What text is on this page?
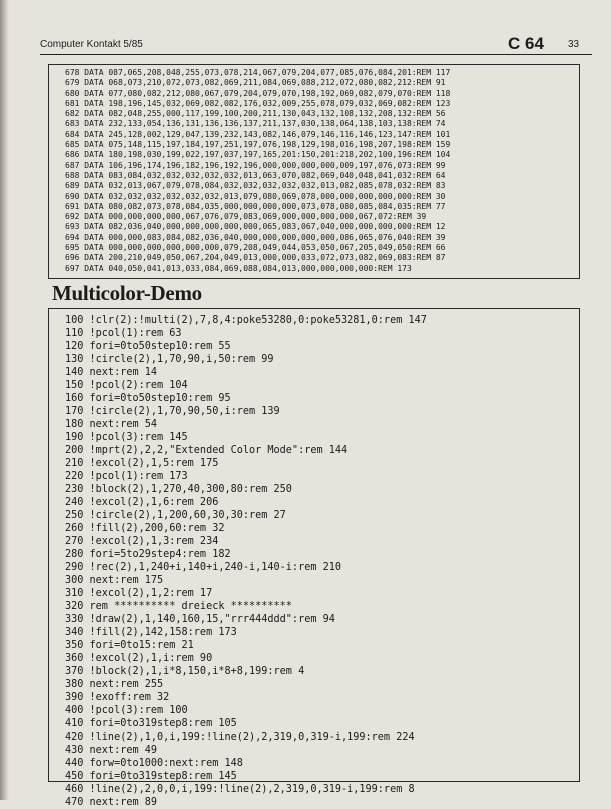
Computer Kontakt 5/85	C 64 33
678 DATA 087,065,208,048,255,073,078,214,067,079,204,077,085,076,084,201:REM 117
679 DATA 068,073,210,072,073,082,069,211,084,069,088,212,072,080,082,212:REM 91
680 DATA 077,080,082,212,080,067,079,204,079,070,198,192,069,082,079,070:REM 118
681 DATA 198,196,145,032,069,082,082,176,032,009,255,078,079,032,069,082:REM 123
682 DATA 082,048,255,000,117,199,100,200,211,130,043,132,108,132,208,132:REM 56
683 DATA 232,133,054,136,131,136,136,137,211,137,030,138,064,138,103,138:REM 74
684 DATA 245,128,002,129,047,139,232,143,082,146,079,146,116,146,123,147:REM 101
685 DATA 075,148,115,197,184,197,251,197,076,198,129,198,016,198,207,198:REM 159
686 DATA 180,198,030,199,022,197,037,197,165,201:150,201:218,202,100,196:REM 104
687 DATA 106,196,174,196,182,196,192,196,000,000,000,000,009,197,076,073:REM 99
688 DATA 083,084,032,032,032,032,032,013,063,070,082,069,040,048,041,032:REM 64
689 DATA 032,013,067,079,078,084,032,032,032,032,032,013,082,085,078,032:REM 83
690 DATA 032,032,032,032,032,032,013,079,080,069,078,000,000,000,000,000:REM 30
691 DATA 080,082,073,078,084,035,000,000,000,000,073,078,080,085,084,035:REM 77
692 DATA 000,000,000,000,067,076,079,083,069,000,000,000,000,067,072:REM 39
693 DATA 082,036,040,000,000,000,000,000,065,083,067,040,000,000,000,000:REM 12
694 DATA 000,000,083,084,082,036,040,000,000,000,000,000,086,065,076,040:REM 39
695 DATA 000,000,000,000,000,000,079,208,049,044,053,050,067,205,049,050:REM 66
696 DATA 200,210,049,050,067,204,049,013,000,000,033,072,073,082,069,083:REM 87
697 DATA 040,050,041,013,033,084,069,088,084,013,000,000,000,000:REM 173
Multicolor-Demo
100 !clr(2):!multi(2),7,8,4:poke53280,0:poke53281,0:rem 147
110 !pcol(1):rem 63
120 fori=0to50step10:rem 55
130 !circle(2),1,70,90,i,50:rem 99
140 next:rem 14
150 !pcol(2):rem 104
160 fori=0to50step10:rem 95
170 !circle(2),1,70,90,50,i:rem 139
180 next:rem 54
190 !pcol(3):rem 145
200 !mprt(2),2,2,"Extended Color Mode":rem 144
210 !excol(2),1,5:rem 175
220 !pcol(1):rem 173
230 !block(2),1,270,40,300,80:rem 250
240 !excol(2),1,6:rem 206
250 !circle(2),1,200,60,30,30:rem 27
260 !fill(2),200,60:rem 32
270 !excol(2),1,3:rem 234
280 fori=5to29step4:rem 182
290 !rec(2),1,240+i,140+i,240-i,140-i:rem 210
300 next:rem 175
310 !excol(2),1,2:rem 17
320 rem ********** dreieck **********
330 !draw(2),1,140,160,15,"rrr444ddd":rem 94
340 !fill(2),142,158:rem 173
350 fori=0to15:rem 21
360 !excol(2),1,i:rem 90
370 !block(2),1,i*8,150,i*8+8,199:rem 4
380 next:rem 255
390 !exoff:rem 32
400 !pcol(3):rem 100
410 fori=0to319step8:rem 105
420 !line(2),1,0,i,199:!line(2),2,319,0,319-i,199:rem 224
430 next:rem 49
440 forw=0to1000:next:rem 148
450 fori=0to319step8:rem 145
460 !line(2),2,0,0,i,199:!line(2),2,319,0,319-i,199:rem 8
470 next:rem 89
